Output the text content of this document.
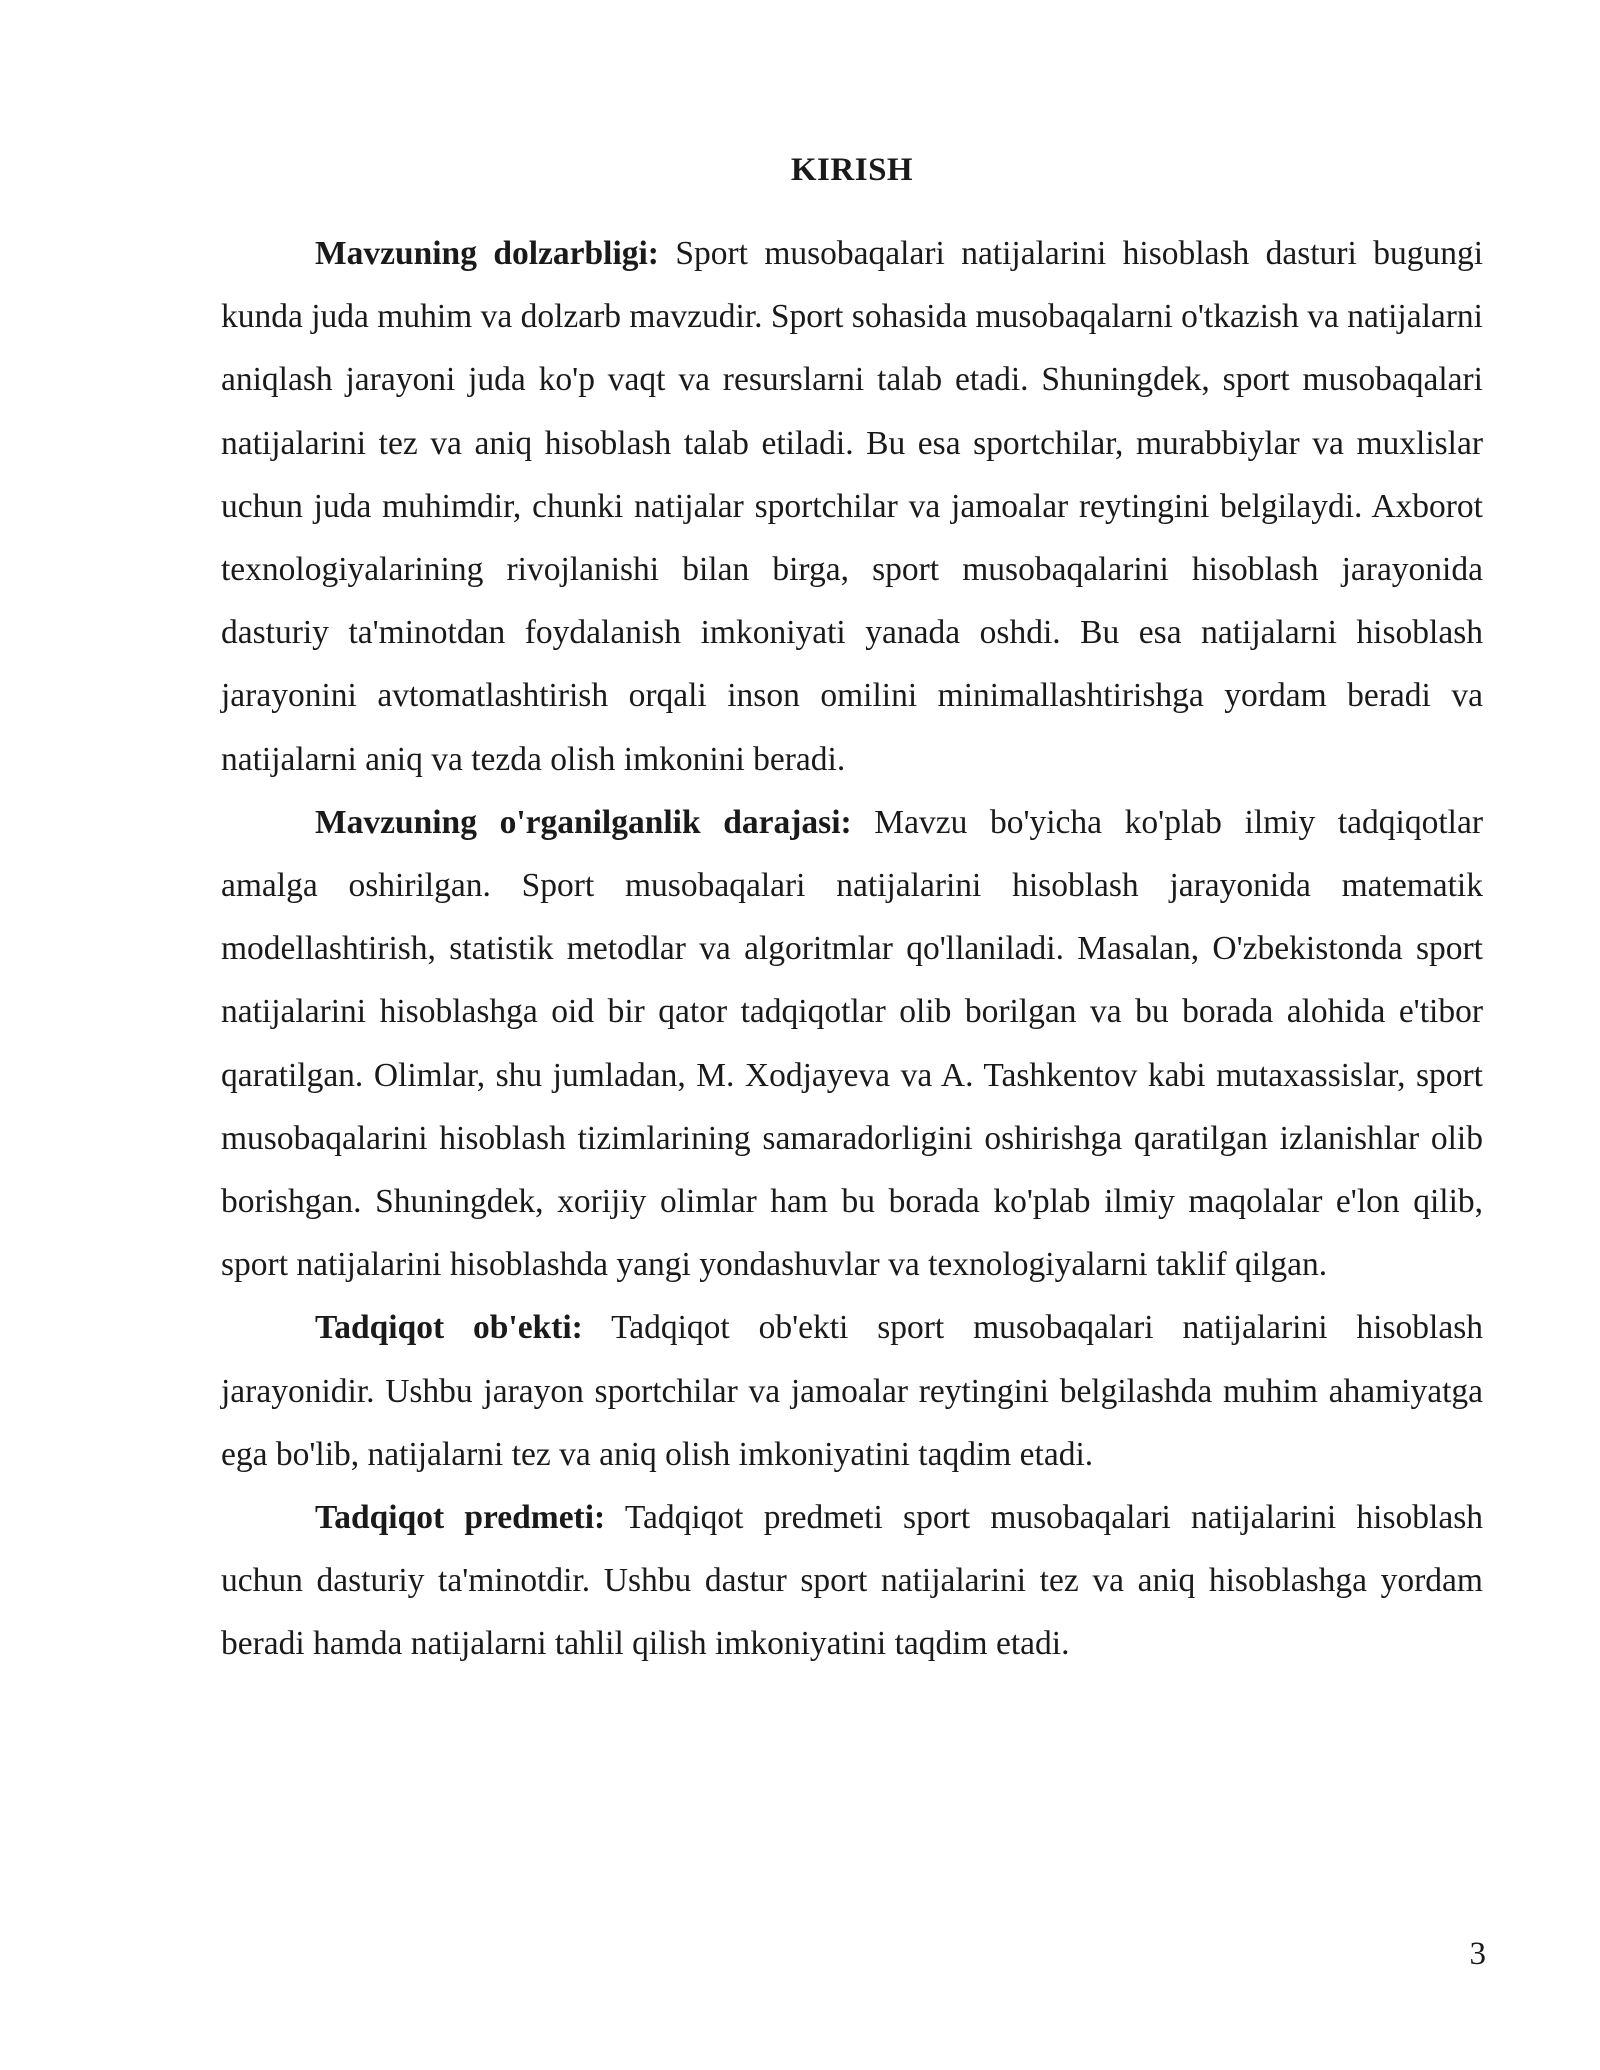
KIRISH

Mavzuning dolzarbligi: Sport musobaqalari natijalarini hisoblash dasturi bugungi kunda juda muhim va dolzarb mavzudir. Sport sohasida musobaqalarni o'tkazish va natijalarni aniqlash jarayoni juda ko'p vaqt va resurslarni talab etadi. Shuningdek, sport musobaqalari natijalarini tez va aniq hisoblash talab etiladi. Bu esa sportchilar, murabbiylar va muxlislar uchun juda muhimdir, chunki natijalar sportchilar va jamoalar reytingini belgilaydi. Axborot texnologiyalarining rivojlanishi bilan birga, sport musobaqalarini hisoblash jarayonida dasturiy ta'minotdan foydalanish imkoniyati yanada oshdi. Bu esa natijalarni hisoblash jarayonini avtomatlashtirish orqali inson omilini minimallashtirishga yordam beradi va natijalarni aniq va tezda olish imkonini beradi.

Mavzuning o'rganilganlik darajasi: Mavzu bo'yicha ko'plab ilmiy tadqiqotlar amalga oshirilgan. Sport musobaqalari natijalarini hisoblash jarayonida matematik modellashtirish, statistik metodlar va algoritmlar qo'llaniladi. Masalan, O'zbekistonda sport natijalarini hisoblashga oid bir qator tadqiqotlar olib borilgan va bu borada alohida e'tibor qaratilgan. Olimlar, shu jumladan, M. Xodjayeva va A. Tashkentov kabi mutaxassislar, sport musobaqalarini hisoblash tizimlarining samaradorligini oshirishga qaratilgan izlanishlar olib borishgan. Shuningdek, xorijiy olimlar ham bu borada ko'plab ilmiy maqolalar e'lon qilib, sport natijalarini hisoblashda yangi yondashuvlar va texnologiyalarni taklif qilgan.

Tadqiqot ob'ekti: Tadqiqot ob'ekti sport musobaqalari natijalarini hisoblash jarayonidir. Ushbu jarayon sportchilar va jamoalar reytingini belgilashda muhim ahamiyatga ega bo'lib, natijalarni tez va aniq olish imkoniyatini taqdim etadi.

Tadqiqot predmeti: Tadqiqot predmeti sport musobaqalari natijalarini hisoblash uchun dasturiy ta'minotdir. Ushbu dastur sport natijalarini tez va aniq hisoblashga yordam beradi hamda natijalarni tahlil qilish imkoniyatini taqdim etadi.

3
